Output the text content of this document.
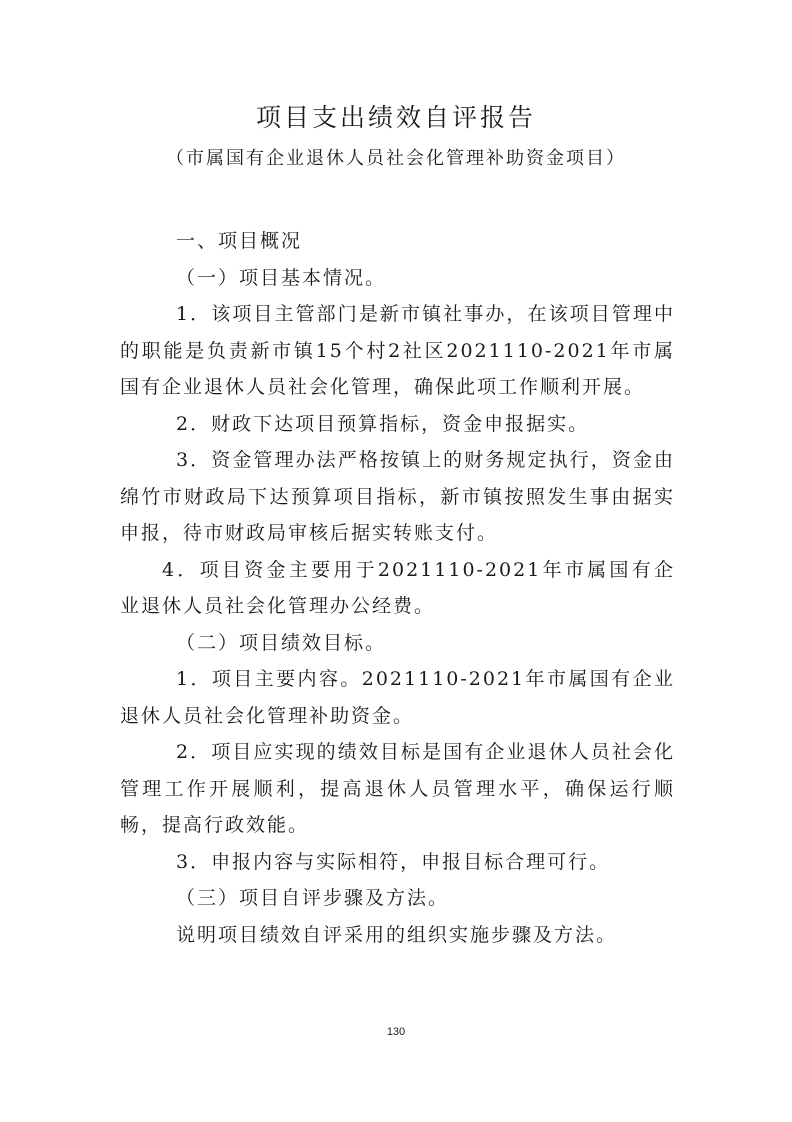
项目支出绩效自评报告
（市属国有企业退休人员社会化管理补助资金项目）

一、项目概况

（一）项目基本情况。

1．该项目主管部门是新市镇社事办，在该项目管理中的职能是负责新市镇15个村2社区2021110-2021年市属国有企业退休人员社会化管理，确保此项工作顺利开展。

2．财政下达项目预算指标，资金申报据实。

3．资金管理办法严格按镇上的财务规定执行，资金由绵竹市财政局下达预算项目指标，新市镇按照发生事由据实申报，待市财政局审核后据实转账支付。

4．项目资金主要用于2021110-2021年市属国有企业退休人员社会化管理办公经费。

（二）项目绩效目标。

1．项目主要内容。2021110-2021年市属国有企业退休人员社会化管理补助资金。

2．项目应实现的绩效目标是国有企业退休人员社会化管理工作开展顺利，提高退休人员管理水平，确保运行顺畅，提高行政效能。

3．申报内容与实际相符，申报目标合理可行。

（三）项目自评步骤及方法。

说明项目绩效自评采用的组织实施步骤及方法。

130
